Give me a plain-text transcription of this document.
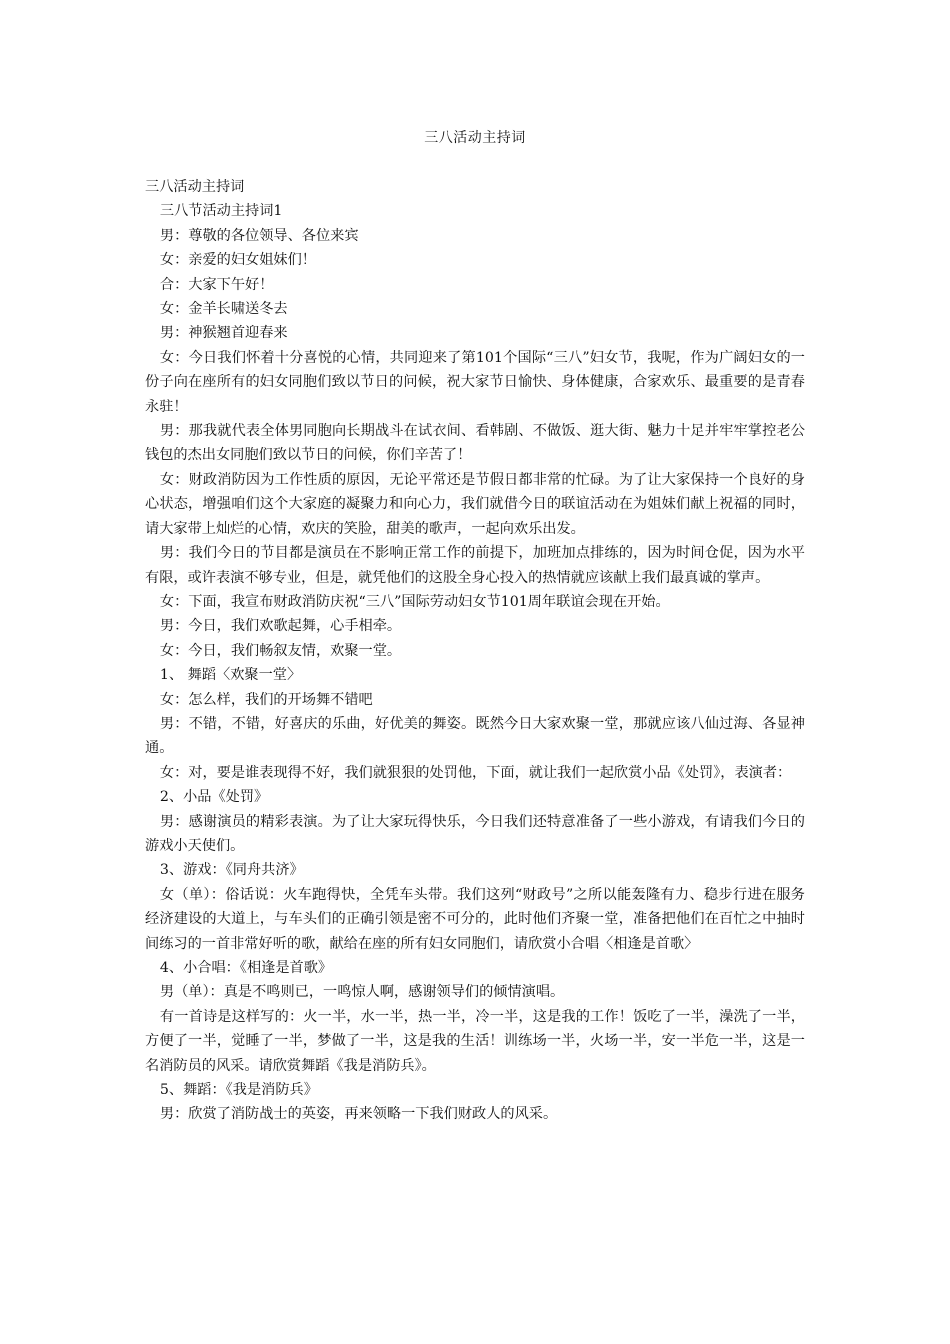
三八活动主持词

三八活动主持词

三八节活动主持词1

男：尊敬的各位领导、各位来宾

女：亲爱的妇女姐妹们！

合：大家下午好！

女：金羊长啸送冬去

男：神猴翘首迎春来

女：今日我们怀着十分喜悦的心情，共同迎来了第101个国际“三八”妇女节，我呢，作为广阔妇女的一份子向在座所有的妇女同胞们致以节日的问候，祝大家节日愉快、身体健康，合家欢乐、最重要的是青春永驻！

男：那我就代表全体男同胞向长期战斗在试衣间、看韩剧、不做饭、逛大街、魅力十足并牢牢掌控老公钱包的杰出女同胞们致以节日的问候，你们辛苦了！

女：财政消防因为工作性质的原因，无论平常还是节假日都非常的忙碌。为了让大家保持一个良好的身心状态，增强咱们这个大家庭的凝聚力和向心力，我们就借今日的联谊活动在为姐妹们献上祝福的同时，请大家带上灿烂的心情，欢庆的笑脸，甜美的歌声，一起向欢乐出发。

男：我们今日的节目都是演员在不影响正常工作的前提下，加班加点排练的，因为时间仓促，因为水平有限，或许表演不够专业，但是，就凭他们的这股全身心投入的热情就应该献上我们最真诚的掌声。

女：下面，我宣布财政消防庆祝“三八”国际劳动妇女节101周年联谊会现在开始。

男：今日，我们欢歌起舞，心手相牵。

女：今日，我们畅叙友情，欢聚一堂。

1、 舞蹈〈欢聚一堂〉

女：怎么样，我们的开场舞不错吧

男：不错，不错，好喜庆的乐曲，好优美的舞姿。既然今日大家欢聚一堂，那就应该八仙过海、各显神通。

女：对，要是谁表现得不好，我们就狠狠的处罚他，下面，就让我们一起欣赏小品《处罚》，表演者：

2、小品《处罚》

男：感谢演员的精彩表演。为了让大家玩得快乐，今日我们还特意准备了一些小游戏，有请我们今日的游戏小天使们。

3、游戏：《同舟共济》

女（单）：俗话说：火车跑得快，全凭车头带。我们这列“财政号”之所以能轰隆有力、稳步行进在服务经济建设的大道上，与车头们的正确引领是密不可分的，此时他们齐聚一堂，准备把他们在百忙之中抽时间练习的一首非常好听的歌，献给在座的所有妇女同胞们，请欣赏小合唱〈相逢是首歌〉

4、小合唱：《相逢是首歌》

男（单）：真是不鸣则已，一鸣惊人啊，感谢领导们的倾情演唱。

有一首诗是这样写的：火一半，水一半，热一半，冷一半，这是我的工作！饭吃了一半，澡洗了一半，方便了一半，觉睡了一半，梦做了一半，这是我的生活！训练场一半，火场一半，安一半危一半，这是一名消防员的风采。请欣赏舞蹈《我是消防兵》。

5、舞蹈：《我是消防兵》

男：欣赏了消防战士的英姿，再来领略一下我们财政人的风采。
